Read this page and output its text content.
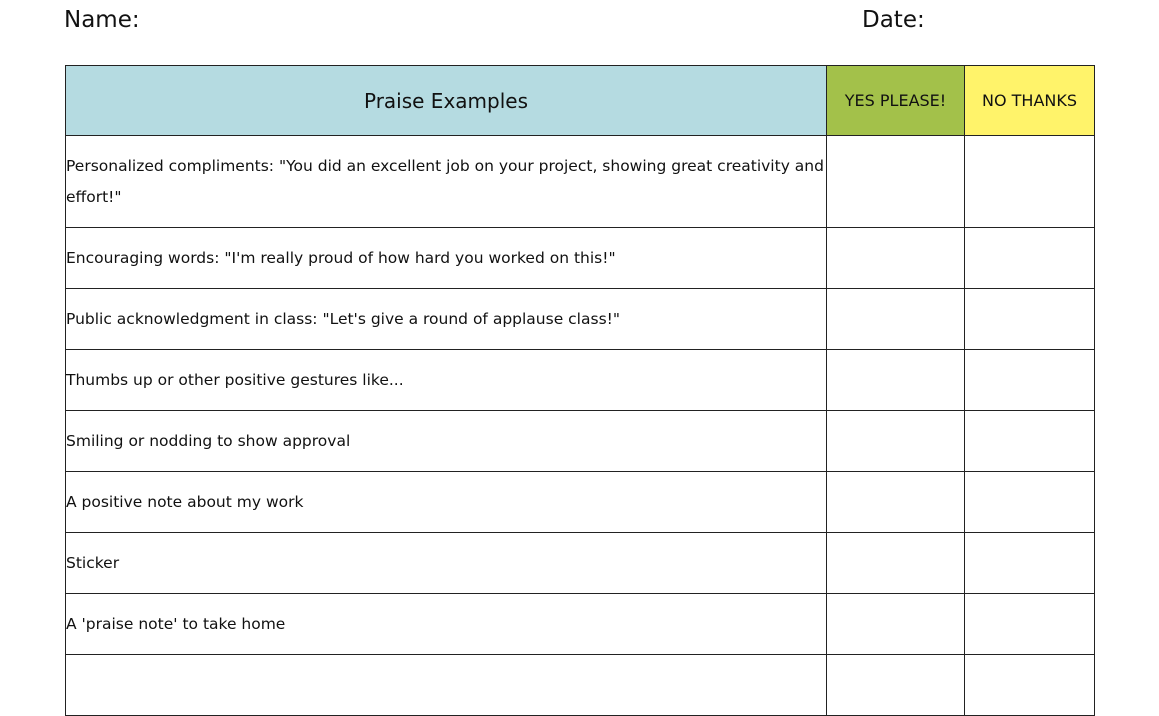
Name:	Date:
Praise Examples	YES PLEASE!	NO THANKS
Personalized compliments: "You did an excellent job on your project, showing great creativity and effort!"		
Encouraging words: "I'm really proud of how hard you worked on this!"		
Public acknowledgment in class: "Let's give a round of applause class!"		
Thumbs up or other positive gestures like...		
Smiling or nodding to show approval		
A positive note about my work		
Sticker		
A 'praise note' to take home		
